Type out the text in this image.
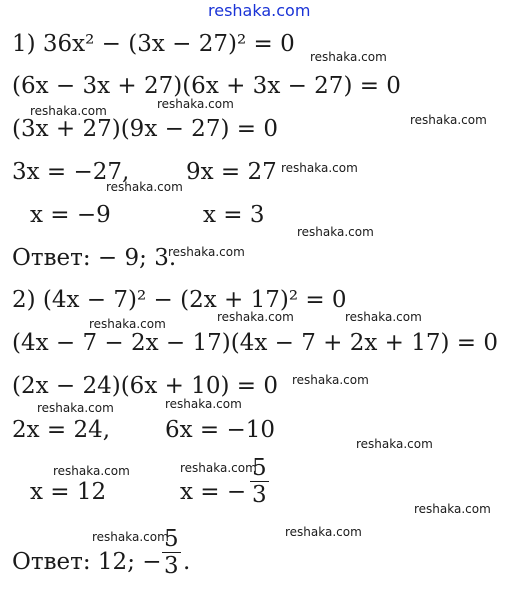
reshaka.com
1) 36x² − (3x − 27)² = 0
(6x − 3x + 27)(6x + 3x − 27) = 0
(3x + 27)(9x − 27) = 0
3x = −27, 9x = 27
x = −9	x = 3
Ответ: − 9; 3.
2) (4x − 7)² − (2x + 17)² = 0
(4x − 7 − 2x − 17)(4x − 7 + 2x + 17) = 0
(2x − 24)(6x + 10) = 0
2x = 24, 6x = −10
x = 12	x = −
5
3
Ответ: 12; −
5
3 .
reshaka.com
reshaka.com	reshaka.com
reshaka.com
reshaka.com
reshaka.com
reshaka.com
reshaka.com
reshaka.com	reshaka.com
reshaka.com
reshaka.com
reshaka.com	reshaka.com
reshaka.com
reshaka.com	reshaka.com
reshaka.com
reshaka.com	reshaka.com
